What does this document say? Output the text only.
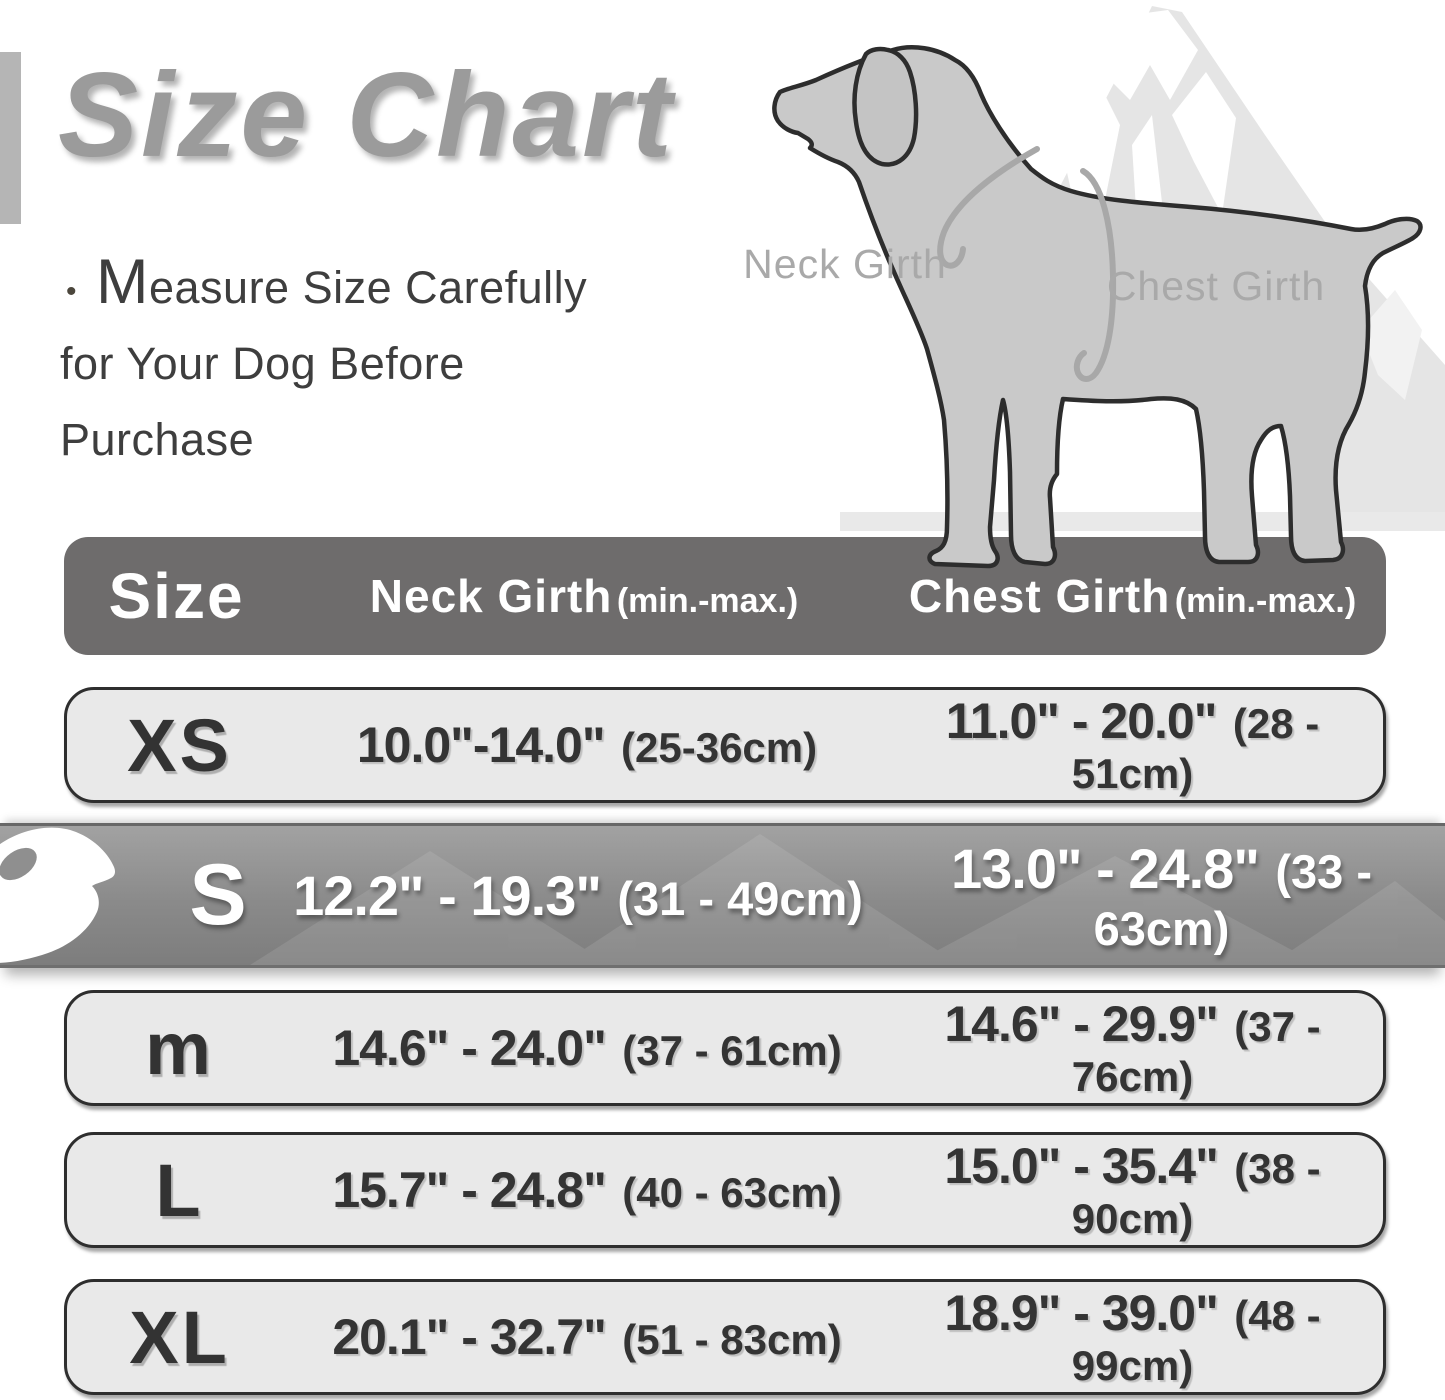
Size Chart
• Measure Size Carefully
for Your Dog Before
Purchase
Neck Girth	Chest Girth
Size	Neck Girth (min.-max.)	Chest Girth (min.-max.)
XS	10.0"-14.0" (25-36cm)	11.0" - 20.0" (28 - 51cm)
S 12.2" - 19.3" (31 - 49cm)	13.0" - 24.8" (33 - 63cm)
m	14.6" - 24.0" (37 - 61cm)	14.6" - 29.9" (37 - 76cm)
L	15.7" - 24.8" (40 - 63cm)	15.0" - 35.4" (38 - 90cm)
XL	20.1" - 32.7" (51 - 83cm)	18.9" - 39.0" (48 - 99cm)
